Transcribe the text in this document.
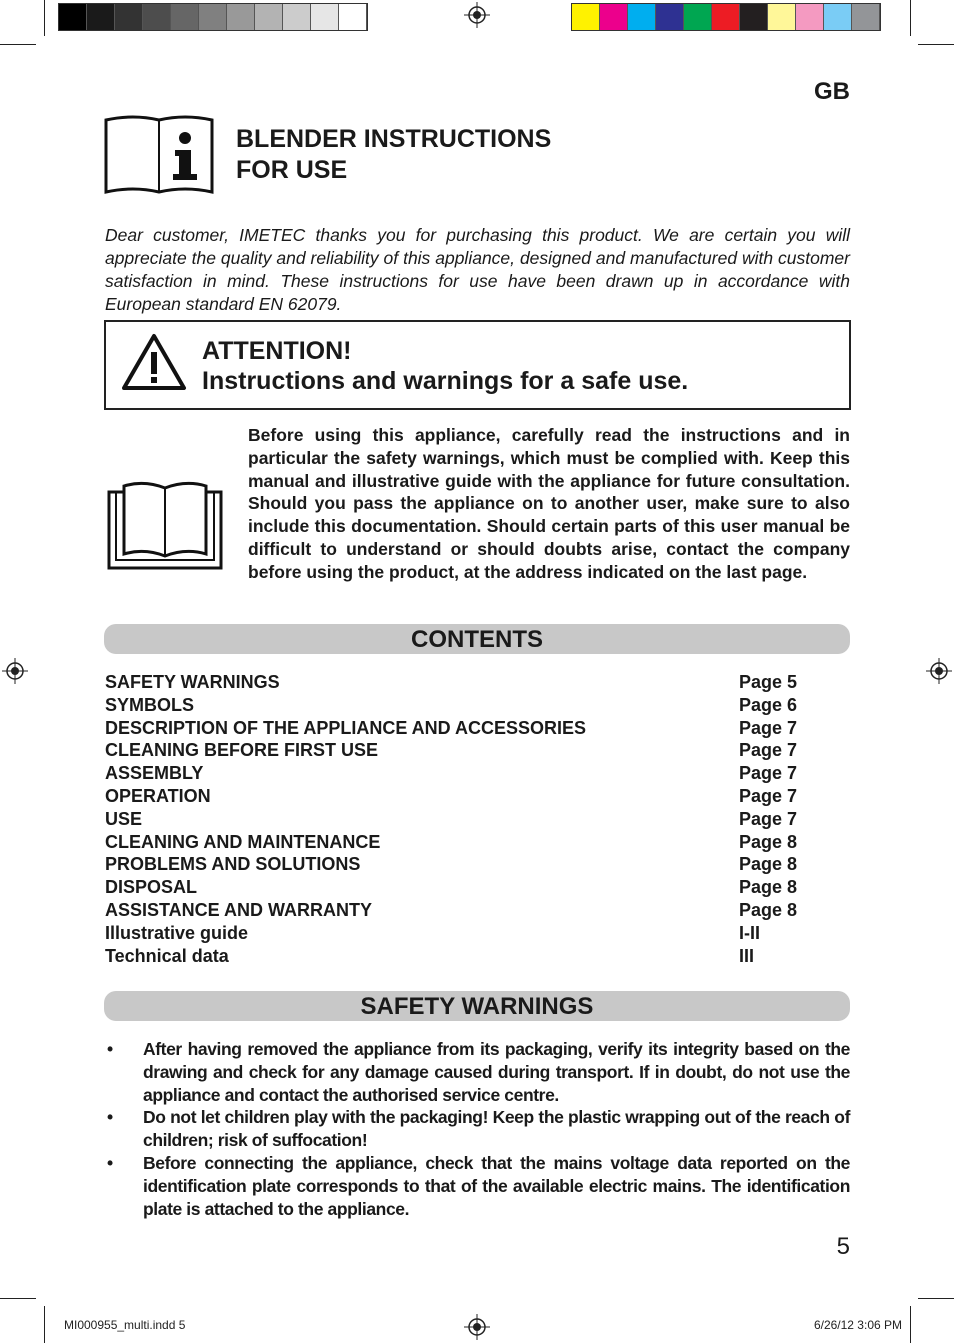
GB
BLENDER INSTRUCTIONS
FOR USE
Dear customer, IMETEC thanks you for purchasing this product. We are certain you will appreciate the quality and reliability of this appliance, designed and manufactured with customer satisfaction in mind. These instructions for use have been drawn up in accordance with European standard EN 62079.
ATTENTION!
Instructions and warnings for a safe use.
Before using this appliance, carefully read the instructions and in particular the safety warnings, which must be complied with. Keep this manual and illustrative guide with the appliance for future consultation. Should you pass the appliance on to another user, make sure to also include this documentation. Should certain parts of this user manual be difficult to understand or should doubts arise, contact the company before using the product, at the address indicated on the last page.
CONTENTS
SAFETY WARNINGS	Page 5
SYMBOLS	Page 6
DESCRIPTION OF THE APPLIANCE AND ACCESSORIES	Page 7
CLEANING BEFORE FIRST USE	Page 7
ASSEMBLY	Page 7
OPERATION	Page 7
USE	Page 7
CLEANING AND MAINTENANCE	Page 8
PROBLEMS AND SOLUTIONS	Page 8
DISPOSAL	Page 8
ASSISTANCE AND WARRANTY	Page 8
Illustrative guide	I-II
Technical data	III
SAFETY WARNINGS
• After having removed the appliance from its packaging, verify its integrity based on the drawing and check for any damage caused during transport. If in doubt, do not use the appliance and contact the authorised service centre.
• Do not let children play with the packaging! Keep the plastic wrapping out of the reach of children; risk of suffocation!
• Before connecting the appliance, check that the mains voltage data reported on the identification plate corresponds to that of the available electric mains. The identification plate is attached to the appliance.
5
MI000955_multi.indd 5	6/26/12 3:06 PM
